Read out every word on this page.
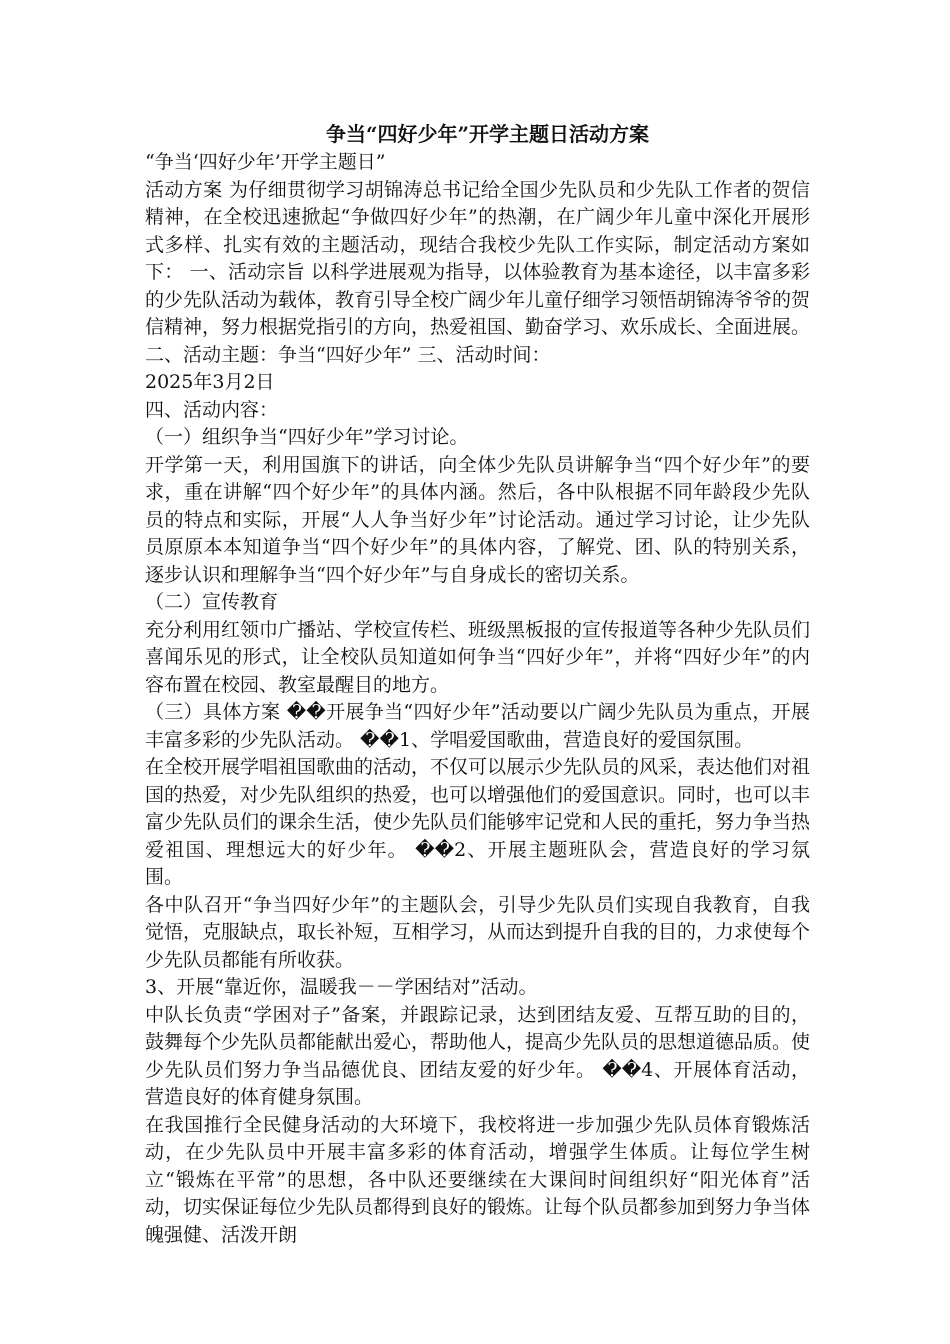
争当“四好少年”开学主题日活动方案

“争当‘四好少年’开学主题日”

活动方案 为仔细贯彻学习胡锦涛总书记给全国少先队员和少先队工作者的贺信精神，在全校迅速掀起“争做四好少年”的热潮，在广阔少年儿童中深化开展形式多样、扎实有效的主题活动，现结合我校少先队工作实际，制定活动方案如下： 一、活动宗旨 以科学进展观为指导，以体验教育为基本途径，以丰富多彩的少先队活动为载体，教育引导全校广阔少年儿童仔细学习领悟胡锦涛爷爷的贺信精神，努力根据党指引的方向，热爱祖国、勤奋学习、欢乐成长、全面进展。 二、活动主题：争当“四好少年” 三、活动时间：

2025年3月2日

四、活动内容：

（一）组织争当“四好少年”学习讨论。

开学第一天，利用国旗下的讲话，向全体少先队员讲解争当“四个好少年”的要求，重在讲解“四个好少年”的具体内涵。然后，各中队根据不同年龄段少先队员的特点和实际，开展“人人争当好少年”讨论活动。通过学习讨论，让少先队员原原本本知道争当“四个好少年”的具体内容，了解党、团、队的特别关系，逐步认识和理解争当“四个好少年”与自身成长的密切关系。

（二）宣传教育

充分利用红领巾广播站、学校宣传栏、班级黑板报的宣传报道等各种少先队员们喜闻乐见的形式，让全校队员知道如何争当“四好少年”，并将“四好少年”的内容布置在校园、教室最醒目的地方。

（三）具体方案 ��开展争当“四好少年”活动要以广阔少先队员为重点，开展丰富多彩的少先队活动。 ��1、学唱爱国歌曲，营造良好的爱国氛围。

在全校开展学唱祖国歌曲的活动，不仅可以展示少先队员的风采，表达他们对祖国的热爱，对少先队组织的热爱，也可以增强他们的爱国意识。同时，也可以丰富少先队员们的课余生活，使少先队员们能够牢记党和人民的重托，努力争当热爱祖国、理想远大的好少年。 ��2、开展主题班队会，营造良好的学习氛围。

各中队召开“争当四好少年”的主题队会，引导少先队员们实现自我教育，自我觉悟，克服缺点，取长补短，互相学习，从而达到提升自我的目的，力求使每个少先队员都能有所收获。

3、开展“靠近你，温暖我－－学困结对”活动。

中队长负责“学困对子”备案，并跟踪记录，达到团结友爱、互帮互助的目的，鼓舞每个少先队员都能献出爱心，帮助他人，提高少先队员的思想道德品质。使少先队员们努力争当品德优良、团结友爱的好少年。 ��4、开展体育活动，营造良好的体育健身氛围。

在我国推行全民健身活动的大环境下，我校将进一步加强少先队员体育锻炼活动，在少先队员中开展丰富多彩的体育活动，增强学生体质。让每位学生树立“锻炼在平常”的思想，各中队还要继续在大课间时间组织好“阳光体育”活动，切实保证每位少先队员都得到良好的锻炼。让每个队员都参加到努力争当体魄强健、活泼开朗
